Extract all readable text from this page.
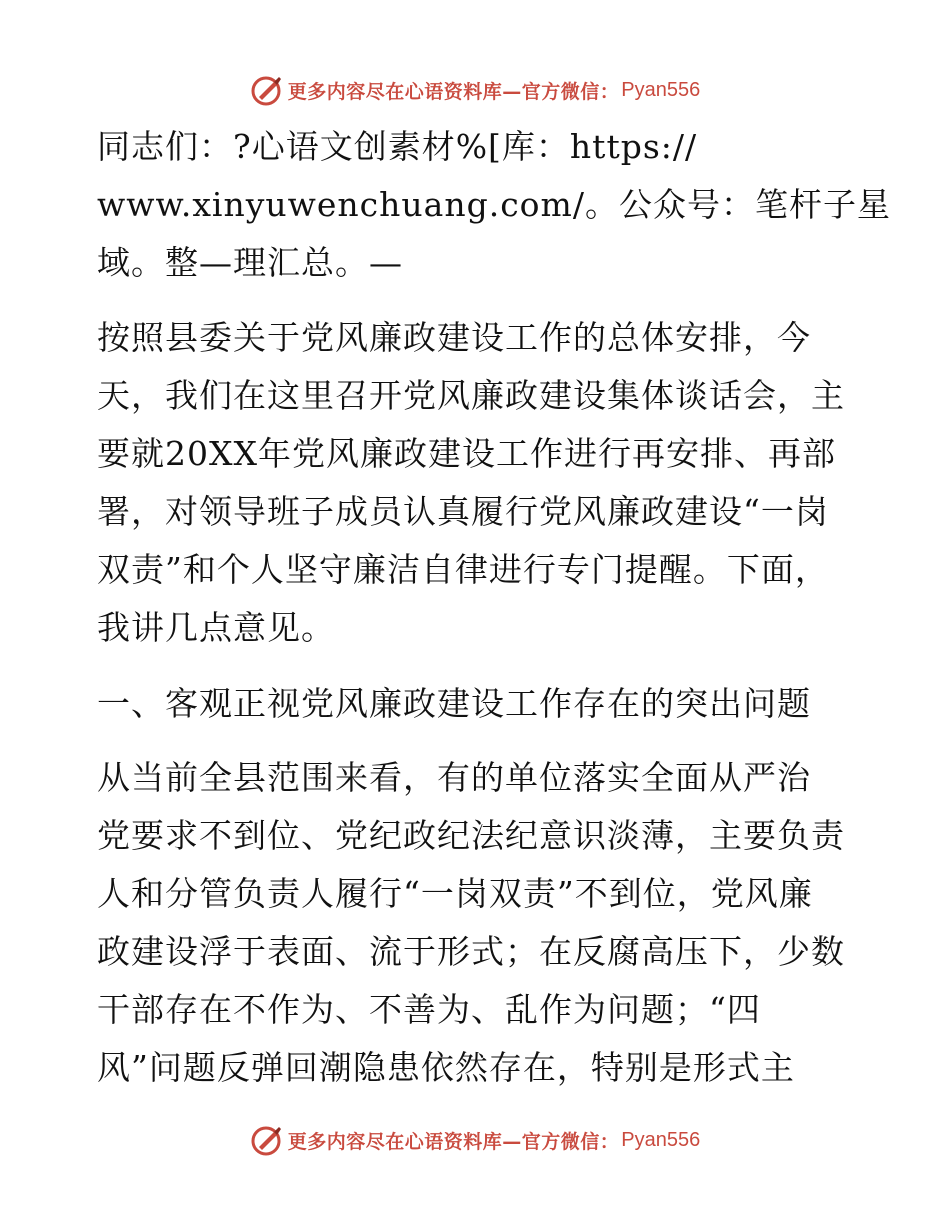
更多内容尽在心语资料库—官方微信： Pyan556
同志们：?心语文创素材%[库：https://
www.xinyuwenchuang.com/。公众号：笔杆子星
域。整—理汇总。—
按照县委关于党风廉政建设工作的总体安排，今
天，我们在这里召开党风廉政建设集体谈话会，主
要就20XX年党风廉政建设工作进行再安排、再部
署，对领导班子成员认真履行党风廉政建设“一岗
双责”和个人坚守廉洁自律进行专门提醒。下面，
我讲几点意见。
一、客观正视党风廉政建设工作存在的突出问题
从当前全县范围来看，有的单位落实全面从严治
党要求不到位、党纪政纪法纪意识淡薄，主要负责
人和分管负责人履行“一岗双责”不到位，党风廉
政建设浮于表面、流于形式；在反腐高压下，少数
干部存在不作为、不善为、乱作为问题；“四
风”问题反弹回潮隐患依然存在，特别是形式主
更多内容尽在心语资料库—官方微信： Pyan556
